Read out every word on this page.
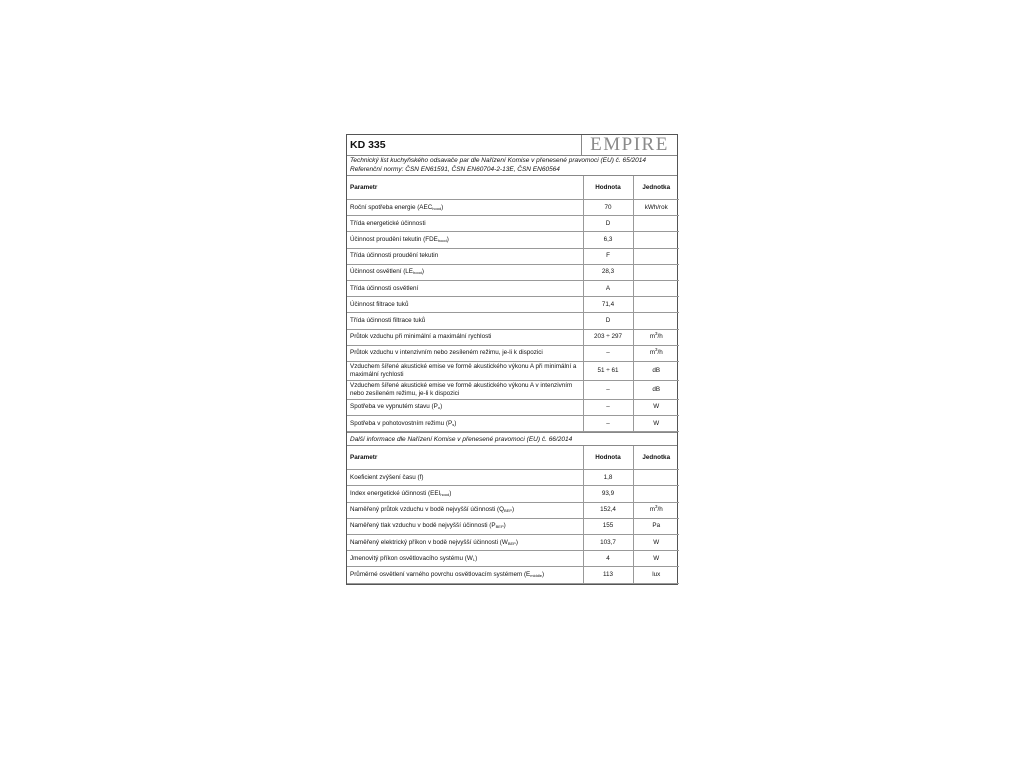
KD 335	EMPIRE
Technický list kuchyňského odsavače par dle Nařízení Komise v přenesené pravomoci (EU) č. 65/2014
Referenční normy: ČSN EN61591, ČSN EN60704-2-13E, ČSN EN60564
Parametr	Hodnota	Jednotka
Roční spotřeba energie $(AEC_{hood})$	70	kWh/rok
Třída energetické účinnosti	D	
Účinnost proudění tekutin $(FDE_{hood})$	6,3	
Třída účinnosti proudění tekutin	F	
Účinnost osvětlení $(LE_{hood})$	28,3	
Třída účinnosti osvětlení	A	
Účinnost filtrace tuků	71,4	
Třída účinnosti filtrace tuků	D	
Průtok vzduchu při minimální a maximální rychlosti	203 ÷ 297	$m^3/h$
Průtok vzduchu v intenzivním nebo zesíleném režimu, je-li k dispozici	–	$m^3/h$
Vzduchem šířené akustické emise ve formě akustického výkonu A při minimální a maximální rychlosti	51 ÷ 61	dB
Vzduchem šířené akustické emise ve formě akustického výkonu A v intenzivním nebo zesíleném režimu, je-li k dispozici	–	dB
Spotřeba ve vypnutém stavu $(P_o)$	–	W
Spotřeba v pohotovostním režimu $(P_s)$	–	W
Další informace dle Nařízení Komise v přenesené pravomoci (EU) č. 66/2014
Parametr	Hodnota	Jednotka
Koeficient zvýšení času (f)	1,8	
Index energetické účinnosti $(EEI_{hood})$	93,9	
Naměřený průtok vzduchu v bodě nejvyšší účinnosti $(Q_{BEP})$	152,4	$m^3/h$
Naměřený tlak vzduchu v bodě nejvyšší účinnosti $(P_{BEP})$	155	Pa
Naměřený elektrický příkon v bodě nejvyšší účinnosti $(W_{BEP})$	103,7	W
Jmenovitý příkon osvětlovacího systému $(W_L)$	4	W
Průměrné osvětlení varného povrchu osvětlovacím systémem $(E_{middle})$	113	lux
